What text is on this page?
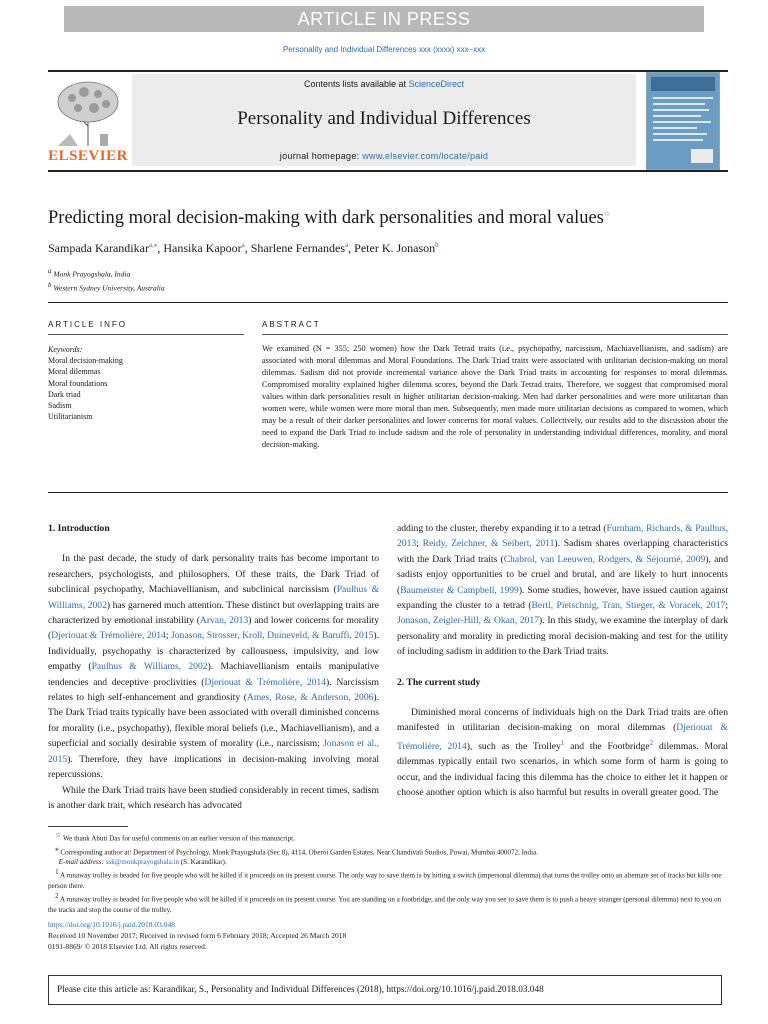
ARTICLE IN PRESS
Personality and Individual Differences xxx (xxxx) xxx–xxx
ELSEVIER
Contents lists available at ScienceDirect
Personality and Individual Differences
journal homepage: www.elsevier.com/locate/paid
Predicting moral decision-making with dark personalities and moral values☆
Sampada Karandikar$^{a,⁎}$, Hansika Kapoor$^a$, Sharlene Fernandes$^a$, Peter K. Jonason$^b$
$^a$ Monk Prayogshala, India
$^b$ Western Sydney University, Australia
ARTICLE INFO	ABSTRACT
Keywords:
Moral decision-making
Moral dilemmas
Moral foundations
Dark triad
Sadism
Utilitarianism
We examined (N = 355; 250 women) how the Dark Tetrad traits (i.e., psychopathy, narcissism, Machiavellianism, and sadism) are associated with moral dilemmas and Moral Foundations. The Dark Triad traits were associated with utilitarian decision-making on moral dilemmas. Sadism did not provide incremental variance above the Dark Triad traits in accounting for responses to moral dilemmas. Compromised morality explained higher dilemma scores, beyond the Dark Tetrad traits. Therefore, we suggest that compromised moral values within dark personalities result in higher utilitarian decision-making. Men had darker personalities and were more utilitarian than women were, while women were more moral than men. Subsequently, men made more utilitarian decisions as compared to women, which may be a result of their darker personalities and lower concerns for moral values. Collectively, our results add to the discussion about the need to expand the Dark Triad to include sadism and the role of personality in understanding individual differences, morality, and moral decision-making.
1. Introduction

In the past decade, the study of dark personality traits has become important to researchers, psychologists, and philosophers. Of these traits, the Dark Triad of subclinical psychopathy, Machiavellianism, and subclinical narcissism (Paulhus & Williams, 2002) has garnered much attention. These distinct but overlapping traits are characterized by emotional instability (Arvan, 2013) and lower concerns for morality (Djeriouat & Trémolière, 2014; Jonason, Strosser, Kroll, Duineveld, & Baruffi, 2015). Individually, psychopathy is characterized by callousness, impulsivity, and low empathy (Paulhus & Williams, 2002). Machiavellianism entails manipulative tendencies and deceptive proclivities (Djeriouat & Trémolière, 2014). Narcissism relates to high self-enhancement and grandiosity (Ames, Rose, & Anderson, 2006). The Dark Triad traits typically have been associated with overall diminished concerns for morality (i.e., psychopathy), flexible moral beliefs (i.e., Machiavellianism), and a superficial and socially desirable system of morality (i.e., narcissism; Jonason et al., 2015). Therefore, they have implications in decision-making involving moral repercussions.

While the Dark Triad traits have been studied considerably in recent times, sadism is another dark trait, which research has advocated

adding to the cluster, thereby expanding it to a tetrad (Furnham, Richards, & Paulhus, 2013; Reidy, Zeichner, & Seibert, 2011). Sadism shares overlapping characteristics with the Dark Triad traits (Chabrol, van Leeuwen, Rodgers, & Séjourné, 2009), and sadists enjoy opportunities to be cruel and brutal, and are likely to hurt innocents (Baumeister & Campbell, 1999). Some studies, however, have issued caution against expanding the cluster to a tetrad (Bertl, Pietschnig, Tran, Stieger, & Voracek, 2017; Jonason, Zeigler-Hill, & Okan, 2017). In this study, we examine the interplay of dark personality and morality in predicting moral decision-making and test for the utility of including sadism in addition to the Dark Triad traits.

2. The current study

Diminished moral concerns of individuals high on the Dark Triad traits are often manifested in utilitarian decision-making on moral dilemmas (Djeriouat & Trémolière, 2014), such as the Trolley$^1$ and the Footbridge$^2$ dilemmas. Moral dilemmas typically entail two scenarios, in which some form of harm is going to occur, and the individual facing this dilemma has the choice to either let it happen or choose another option which is also harmful but results in overall greater good. The

☆ We thank Ahuti Das for useful comments on an earlier version of this manuscript.

⁎ Corresponding author at: Department of Psychology, Monk Prayogshala (Sec 8), 4114, Oberoi Garden Estates, Near Chandivali Studios, Powai, Mumbai 400072, India.

E-mail address: ssk@monkprayogshala.in (S. Karandikar).

$^1$ A runaway trolley is headed for five people who will be killed if it proceeds on its present course. The only way to save them is by hitting a switch (impersonal dilemma) that turns the trolley onto an alternate set of tracks but kills one person there.

$^2$ A runaway trolley is headed for five people who will be killed if it proceeds on its present course. You are standing on a footbridge, and the only way you see to save them is to push a heavy stranger (personal dilemma) next to you on the tracks and stop the course of the trolley.

https://doi.org/10.1016/j.paid.2018.03.048
Received 10 November 2017; Received in revised form 6 February 2018; Accepted 26 March 2018
0191-8869/ © 2018 Elsevier Ltd. All rights reserved.
Please cite this article as: Karandikar, S., Personality and Individual Differences (2018), https://doi.org/10.1016/j.paid.2018.03.048
